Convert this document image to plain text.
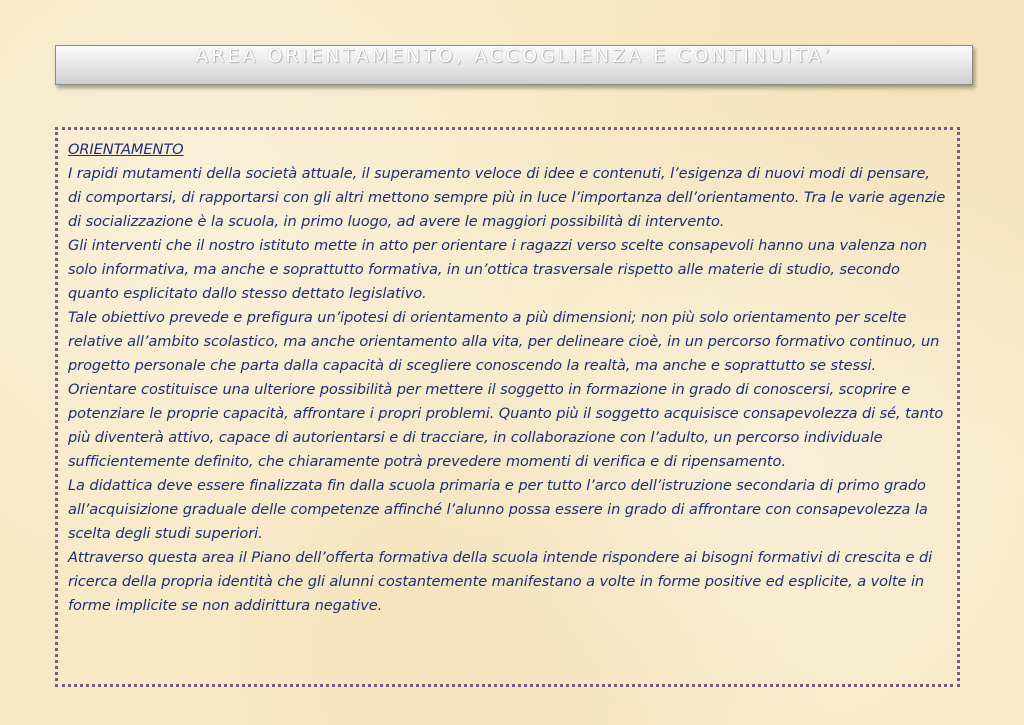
AREA ORIENTAMENTO, ACCOGLIENZA E CONTINUITA’

ORIENTAMENTO

I rapidi mutamenti della società attuale, il superamento veloce di idee e contenuti, l’esigenza di nuovi modi di pensare, di comportarsi, di rapportarsi con gli altri mettono sempre più in luce l’importanza dell’orientamento. Tra le varie agenzie di socializzazione è la scuola, in primo luogo, ad avere le maggiori possibilità di intervento.

Gli interventi che il nostro istituto mette in atto per orientare i ragazzi verso scelte consapevoli hanno una valenza non solo informativa, ma anche e soprattutto formativa, in un’ottica trasversale rispetto alle materie di studio, secondo quanto esplicitato dallo stesso dettato legislativo.

Tale obiettivo prevede e prefigura un’ipotesi di orientamento a più dimensioni; non più solo orientamento per scelte relative all’ambito scolastico, ma anche orientamento alla vita, per delineare cioè, in un percorso formativo continuo, un progetto personale che parta dalla capacità di scegliere conoscendo la realtà, ma anche e soprattutto se stessi. Orientare costituisce una ulteriore possibilità per mettere il soggetto in formazione in grado di conoscersi, scoprire e potenziare le proprie capacità, affrontare i propri problemi. Quanto più il soggetto acquisisce consapevolezza di sé, tanto più diventerà attivo, capace di autorientarsi e di tracciare, in collaborazione con l’adulto, un percorso individuale sufficientemente definito, che chiaramente potrà prevedere momenti di verifica e di ripensamento.

La didattica deve essere finalizzata fin dalla scuola primaria e per tutto l’arco dell’istruzione secondaria di primo grado all’acquisizione graduale delle competenze affinché l’alunno possa essere in grado di affrontare con consapevolezza la scelta degli studi superiori.

Attraverso questa area il Piano dell’offerta formativa della scuola intende rispondere ai bisogni formativi di crescita e di ricerca della propria identità che gli alunni costantemente manifestano a volte in forme positive ed esplicite, a volte in forme implicite se non addirittura negative.
